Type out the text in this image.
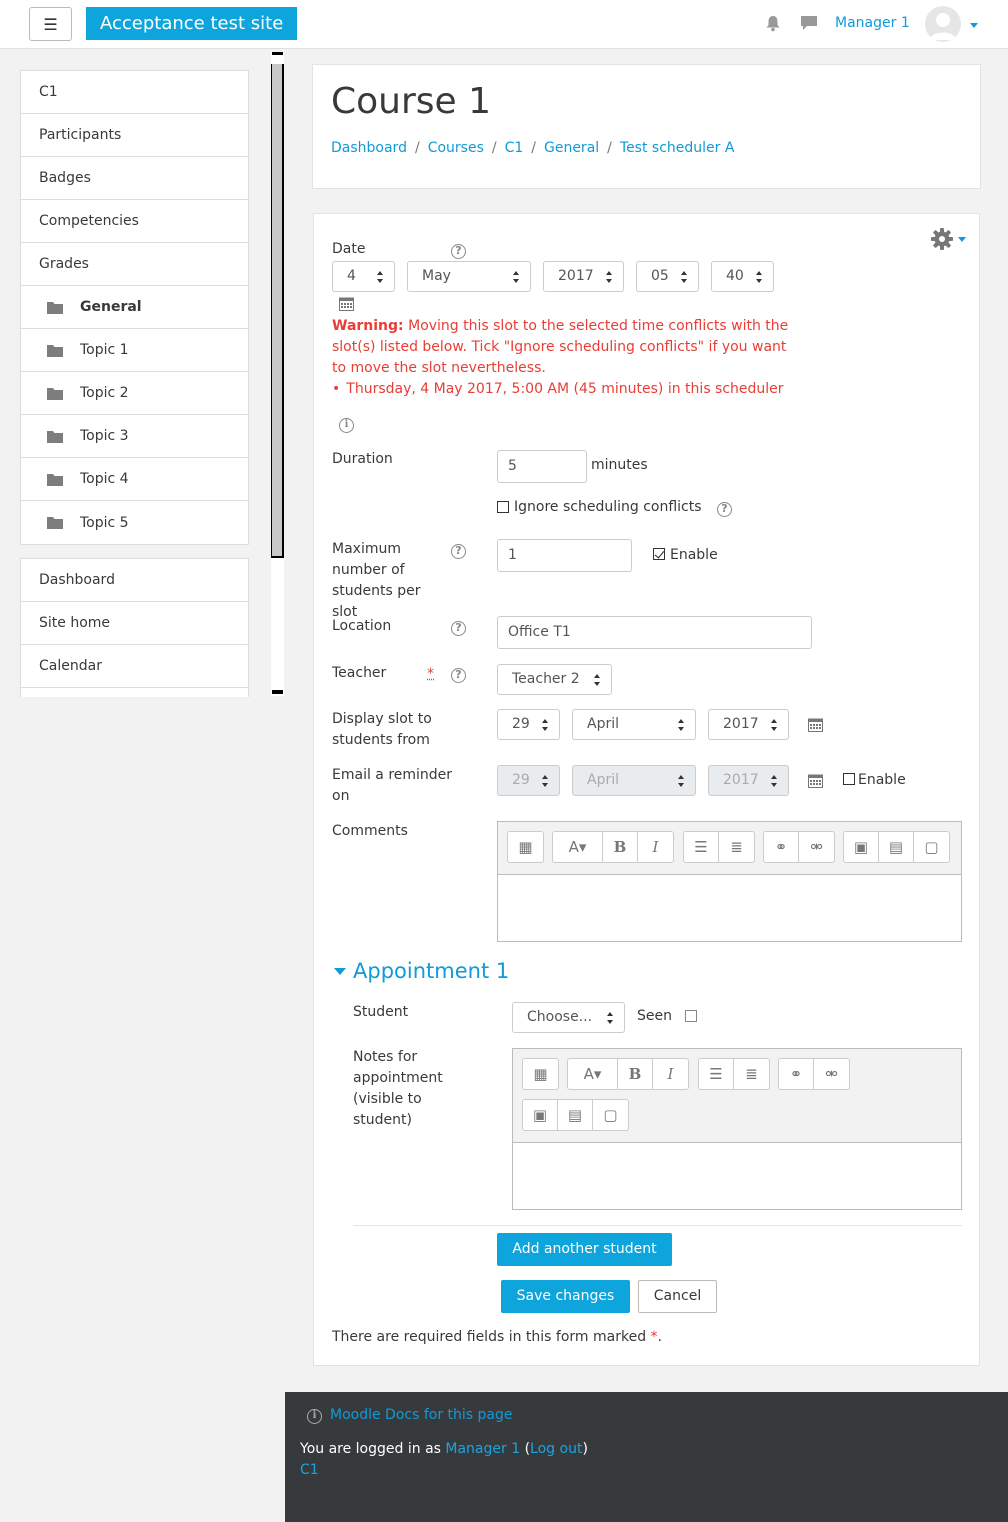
☰	Acceptance test site	Manager 1
C1
Participants
Badges
Competencies
Grades
General
Topic 1
Topic 2
Topic 3
Topic 4
Topic 5
Dashboard
Site home
Calendar
Course 1
Dashboard / Courses / C1 / General / Test scheduler A
Date	?
4	May	2017	05	40
Warning: Moving this slot to the selected time conflicts with the slot(s) listed below. Tick "Ignore scheduling conflicts" if you want to move the slot nevertheless.
• Thursday, 4 May 2017, 5:00 AM (45 minutes) in this scheduler
i
Duration	5	minutes
Ignore scheduling conflicts	?
Maximum number of students per slot
?	1	Enable
Location	?	Office T1
Teacher	*	?	Teacher 2
Display slot to students from
29	April	2017
Email a reminder on
29	April	2017	Enable
Comments
▦	A▾	B	I	☰	≣	⚭	⚮	▣	▤	▢
Appointment 1
Student	Choose...	Seen
Notes for appointment (visible to student)
▦	A▾	B	I	☰	≣	⚭	⚮
▣	▤	▢
Add another student
Save changes	Cancel
There are required fields in this form marked *.
i Moodle Docs for this page
You are logged in as Manager 1 (Log out)
C1
